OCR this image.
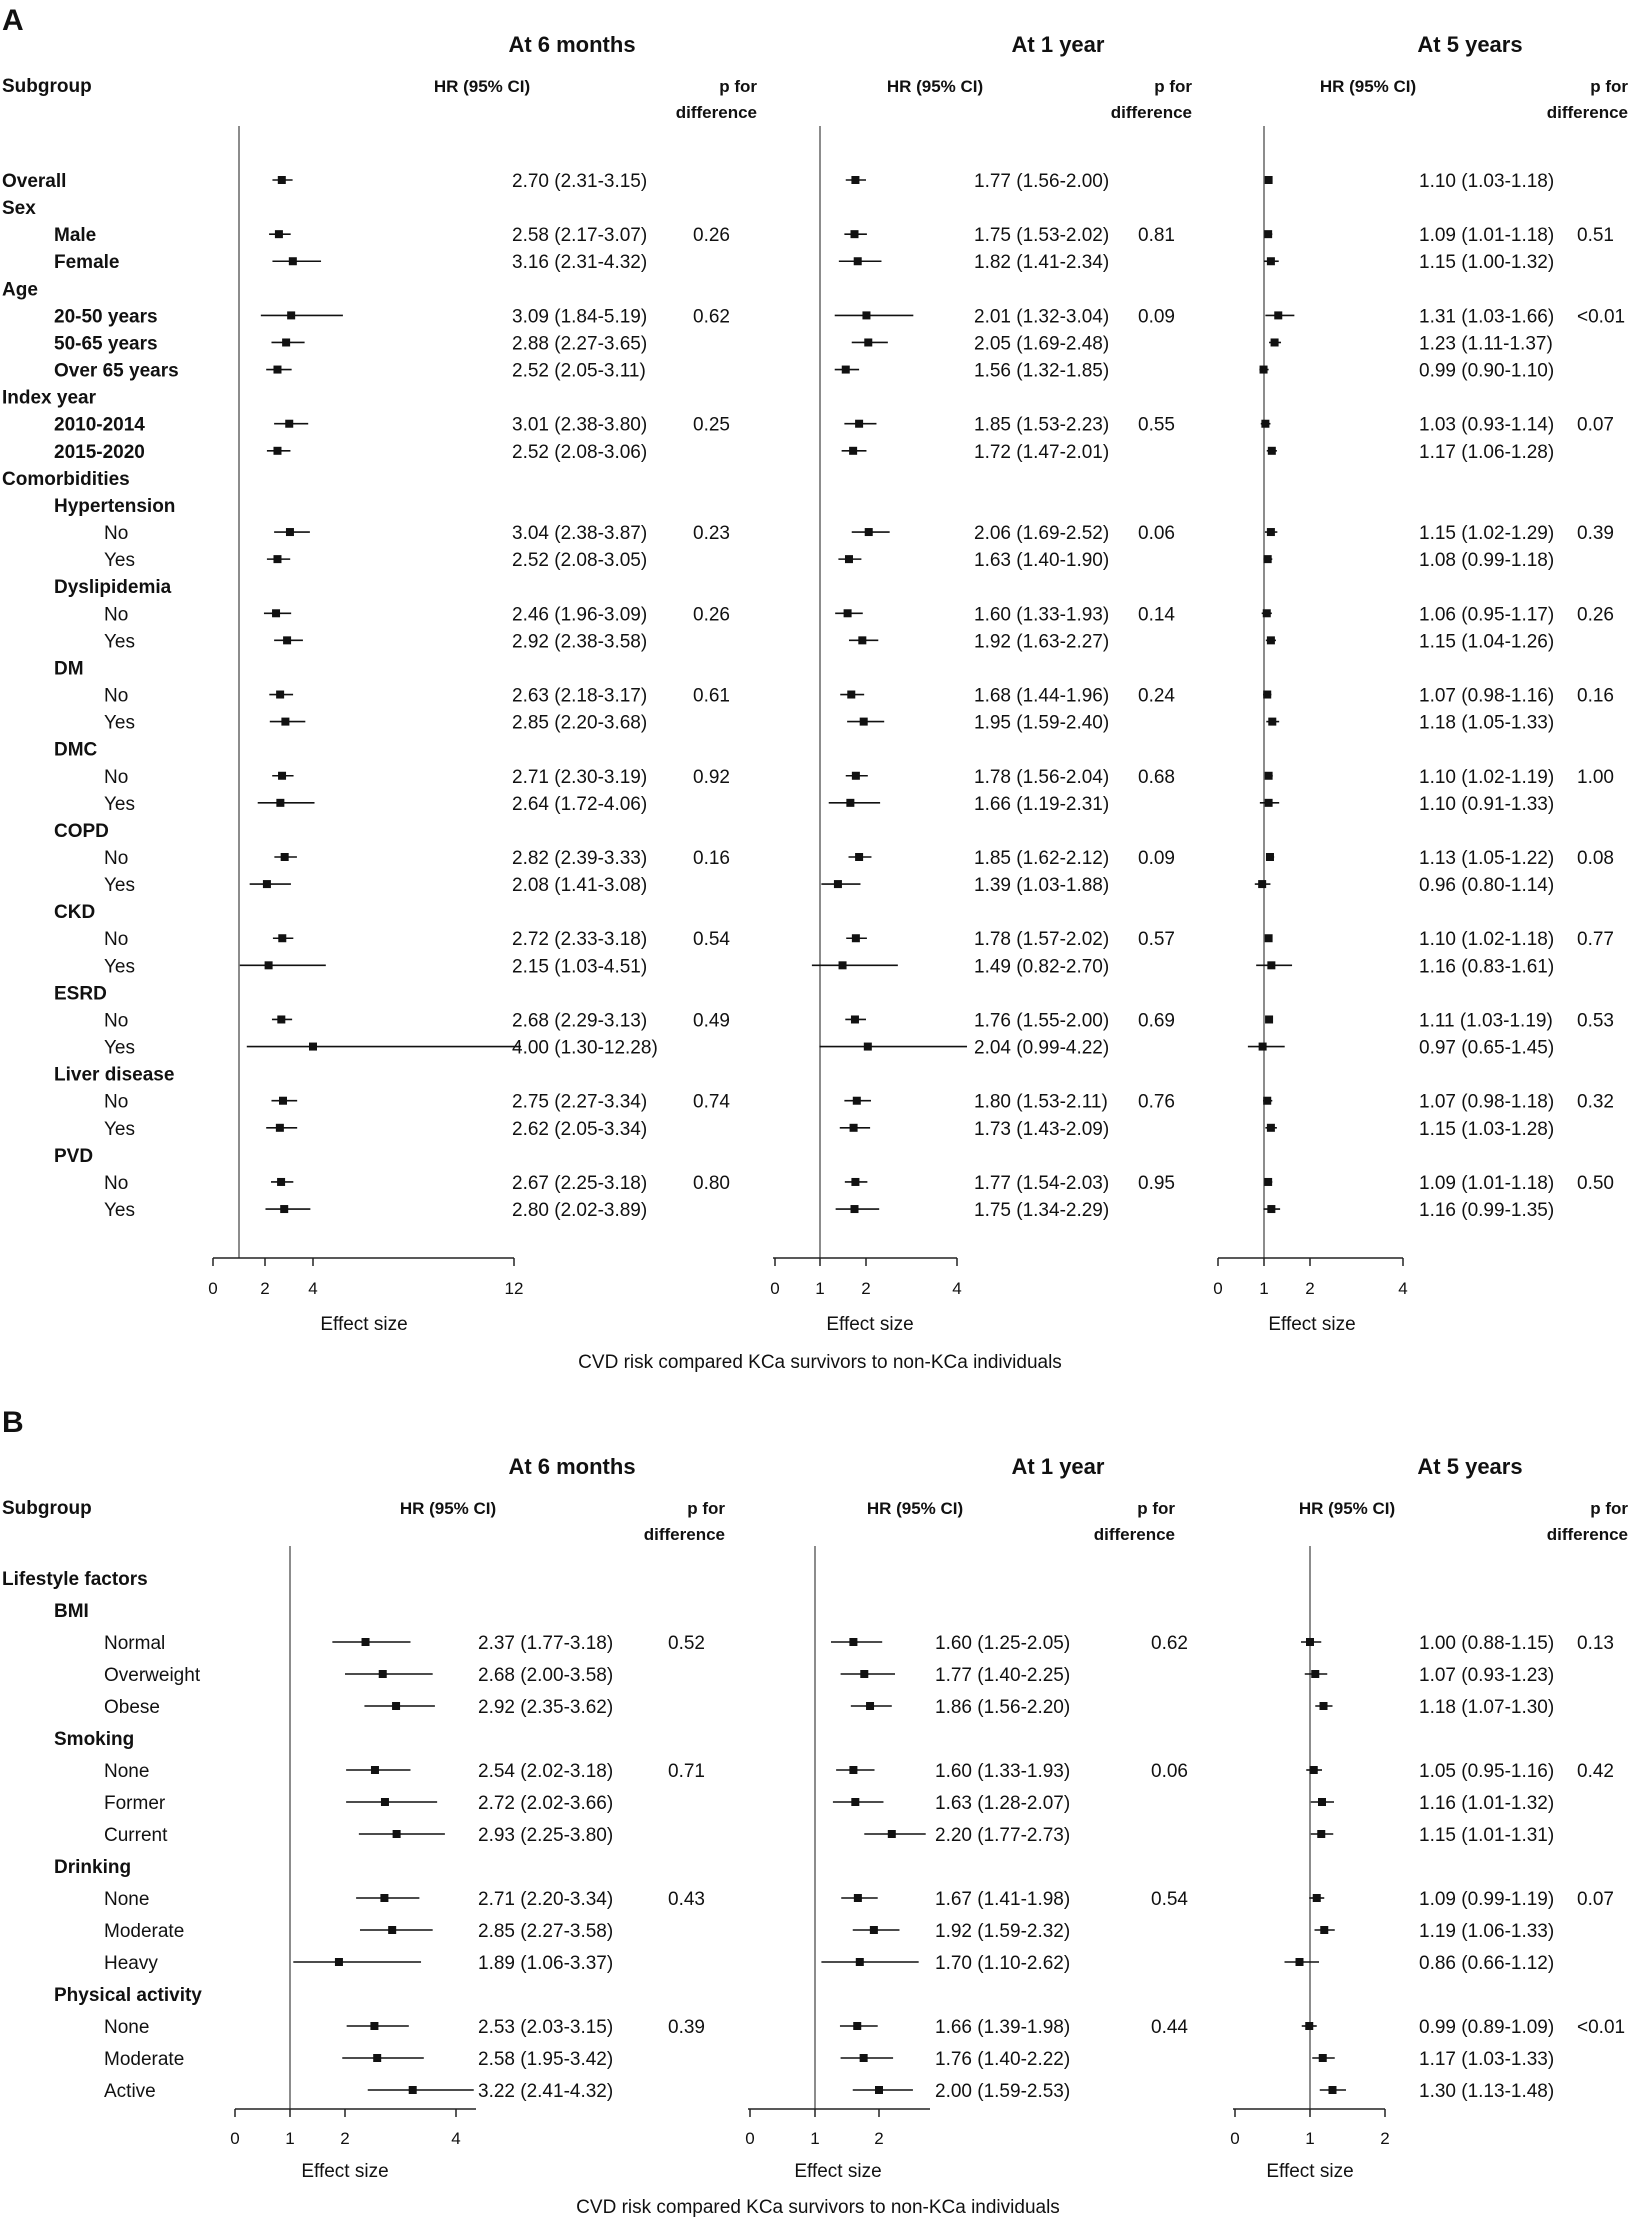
A
Subgroup
At 6 months	At 1 year	At 5 years
HR (95% CI)	HR (95% CI)	HR (95% CI)
p for
difference
p for
difference
p for
difference
Effect size	Effect size	Effect size
CVD risk compared KCa survivors to non-KCa individuals
B
Subgroup
At 6 months	At 1 year	At 5 years
HR (95% CI)	HR (95% CI)	HR (95% CI)
p for
difference
p for
difference
p for
difference
Effect size	Effect size	Effect size
CVD risk compared KCa survivors to non-KCa individuals
Overall	2.70 (2.31-3.15)	1.77 (1.56-2.00)	1.10 (1.03-1.18)
Sex
Male	2.58 (2.17-3.07) 0.26	1.75 (1.53-2.02) 0.81	1.09 (1.01-1.18) 0.51
Female	3.16 (2.31-4.32)	1.82 (1.41-2.34)	1.15 (1.00-1.32)
Age
20-50 years	3.09 (1.84-5.19) 0.62	2.01 (1.32-3.04) 0.09	1.31 (1.03-1.66) <0.01
50-65 years	2.88 (2.27-3.65)	2.05 (1.69-2.48)	1.23 (1.11-1.37)
Over 65 years	2.52 (2.05-3.11)	1.56 (1.32-1.85)	0.99 (0.90-1.10)
Index year
2010-2014	3.01 (2.38-3.80) 0.25	1.85 (1.53-2.23) 0.55	1.03 (0.93-1.14) 0.07
2015-2020	2.52 (2.08-3.06)	1.72 (1.47-2.01)	1.17 (1.06-1.28)
Comorbidities
Hypertension
No	3.04 (2.38-3.87) 0.23	2.06 (1.69-2.52) 0.06	1.15 (1.02-1.29) 0.39
Yes	2.52 (2.08-3.05)	1.63 (1.40-1.90)	1.08 (0.99-1.18)
Dyslipidemia
No	2.46 (1.96-3.09) 0.26	1.60 (1.33-1.93) 0.14	1.06 (0.95-1.17) 0.26
Yes	2.92 (2.38-3.58)	1.92 (1.63-2.27)	1.15 (1.04-1.26)
DM
No	2.63 (2.18-3.17) 0.61	1.68 (1.44-1.96) 0.24	1.07 (0.98-1.16) 0.16
Yes	2.85 (2.20-3.68)	1.95 (1.59-2.40)	1.18 (1.05-1.33)
DMC
No	2.71 (2.30-3.19) 0.92	1.78 (1.56-2.04) 0.68	1.10 (1.02-1.19) 1.00
Yes	2.64 (1.72-4.06)	1.66 (1.19-2.31)	1.10 (0.91-1.33)
COPD
No	2.82 (2.39-3.33) 0.16	1.85 (1.62-2.12) 0.09	1.13 (1.05-1.22) 0.08
Yes	2.08 (1.41-3.08)	1.39 (1.03-1.88)	0.96 (0.80-1.14)
CKD
No	2.72 (2.33-3.18) 0.54	1.78 (1.57-2.02) 0.57	1.10 (1.02-1.18) 0.77
Yes	2.15 (1.03-4.51)	1.49 (0.82-2.70)	1.16 (0.83-1.61)
ESRD
No	2.68 (2.29-3.13) 0.49	1.76 (1.55-2.00) 0.69	1.11 (1.03-1.19) 0.53
Yes	4.00 (1.30-12.28)	2.04 (0.99-4.22)	0.97 (0.65-1.45)
Liver disease
No	2.75 (2.27-3.34) 0.74	1.80 (1.53-2.11) 0.76	1.07 (0.98-1.18) 0.32
Yes	2.62 (2.05-3.34)	1.73 (1.43-2.09)	1.15 (1.03-1.28)
PVD
No	2.67 (2.25-3.18) 0.80	1.77 (1.54-2.03) 0.95	1.09 (1.01-1.18) 0.50
Yes	2.80 (2.02-3.89)	1.75 (1.34-2.29)	1.16 (0.99-1.35)
0	2 4	12	0 1 2	4	0 1 2	4
Lifestyle factors
BMI
Normal	2.37 (1.77-3.18)	0.52	1.60 (1.25-2.05)	0.62	1.00 (0.88-1.15) 0.13
Overweight	2.68 (2.00-3.58)	1.77 (1.40-2.25)	1.07 (0.93-1.23)
Obese	2.92 (2.35-3.62)	1.86 (1.56-2.20)	1.18 (1.07-1.30)
Smoking
None	2.54 (2.02-3.18)	0.71	1.60 (1.33-1.93)	0.06	1.05 (0.95-1.16) 0.42
Former	2.72 (2.02-3.66)	1.63 (1.28-2.07)	1.16 (1.01-1.32)
Current	2.93 (2.25-3.80)	2.20 (1.77-2.73)	1.15 (1.01-1.31)
Drinking
None	2.71 (2.20-3.34)	0.43	1.67 (1.41-1.98)	0.54	1.09 (0.99-1.19) 0.07
Moderate	2.85 (2.27-3.58)	1.92 (1.59-2.32)	1.19 (1.06-1.33)
Heavy	1.89 (1.06-3.37)	1.70 (1.10-2.62)	0.86 (0.66-1.12)
Physical activity
None	2.53 (2.03-3.15)	0.39	1.66 (1.39-1.98)	0.44	0.99 (0.89-1.09) <0.01
Moderate	2.58 (1.95-3.42)	1.76 (1.40-2.22)	1.17 (1.03-1.33)
Active	3.22 (2.41-4.32)	2.00 (1.59-2.53)	1.30 (1.13-1.48)
0	1	2	4	0	1	2	0	1	2
